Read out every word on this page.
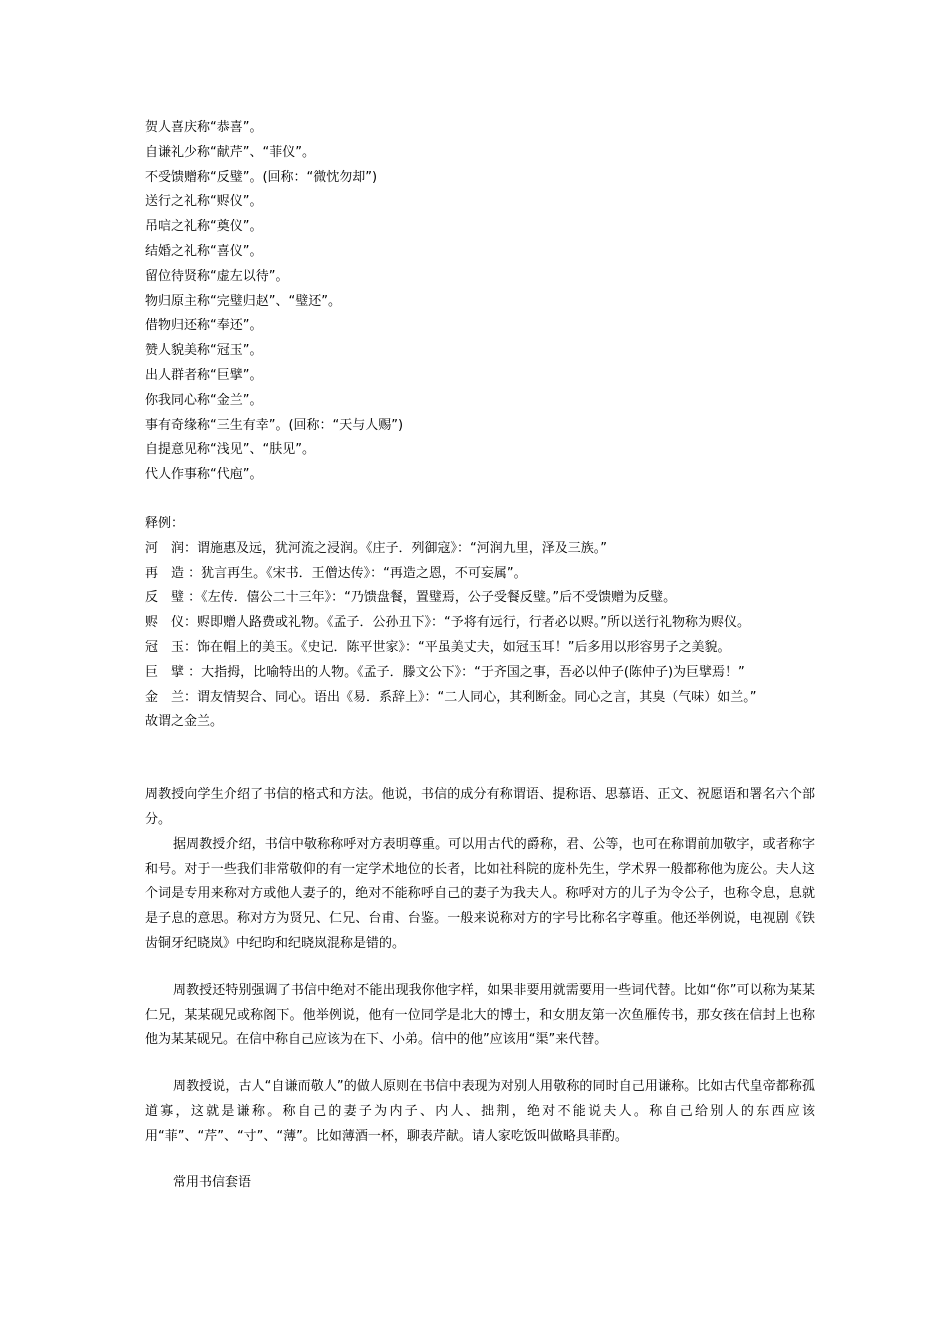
贺人喜庆称“恭喜”。
自谦礼少称“献芹”、“菲仪”。
不受馈赠称“反璧”。(回称：“微忱勿却”)
送行之礼称“赆仪”。
吊唁之礼称“奠仪”。
结婚之礼称“喜仪”。
留位待贤称“虚左以待”。
物归原主称“完璧归赵”、“璧还”。
借物归还称“奉还”。
赞人貌美称“冠玉”。
出人群者称“巨擘”。
你我同心称“金兰”。
事有奇缘称“三生有幸”。(回称：“天与人赐”)
自提意见称“浅见”、“肤见”。
代人作事称“代庖”。
释例：
河　润：谓施惠及远，犹河流之浸润。《庄子．列御寇》：“河润九里，泽及三族。”
再　造 ：犹言再生。《宋书．王僧达传》：“再造之恩，不可妄属”。
反　璧 ：《左传．僖公二十三年》：“乃馈盘餐，置璧焉，公子受餐反璧。”后不受馈赠为反璧。
赆　仪：赆即赠人路费或礼物。《孟子．公孙丑下》：“予将有远行，行者必以赆。”所以送行礼物称为赆仪。
冠　玉：饰在帽上的美玉。《史记．陈平世家》：“平虽美丈夫，如冠玉耳！”后多用以形容男子之美貌。
巨　擘 ：大指拇，比喻特出的人物。《孟子．滕文公下》：“于齐国之事，吾必以仲子(陈仲子)为巨擘焉！”
金　兰：谓友情契合、同心。语出《易．系辞上》：“二人同心，其利断金。同心之言，其臭（气味）如兰。”
故谓之金兰。
周教授向学生介绍了书信的格式和方法。他说，书信的成分有称谓语、提称语、思慕语、正文、祝愿语和署名六个部分。
据周教授介绍，书信中敬称称呼对方表明尊重。可以用古代的爵称，君、公等，也可在称谓前加敬字，或者称字和号。对于一些我们非常敬仰的有一定学术地位的长者，比如社科院的庞朴先生，学术界一般都称他为庞公。夫人这个词是专用来称对方或他人妻子的，绝对不能称呼自己的妻子为我夫人。称呼对方的儿子为令公子，也称令息，息就是子息的意思。称对方为贤兄、仁兄、台甫、台鉴。一般来说称对方的字号比称名字尊重。他还举例说，电视剧《铁齿铜牙纪晓岚》中纪昀和纪晓岚混称是错的。
周教授还特别强调了书信中绝对不能出现我你他字样，如果非要用就需要用一些词代替。比如“你”可以称为某某仁兄，某某砚兄或称阁下。他举例说，他有一位同学是北大的博士，和女朋友第一次鱼雁传书，那女孩在信封上也称他为某某砚兄。在信中称自己应该为在下、小弟。信中的他”应该用“渠”来代替。
周教授说，古人“自谦而敬人”的做人原则在书信中表现为对别人用敬称的同时自己用谦称。比如古代皇帝都称孤道寡，这就是谦称。称自己的妻子为内子、内人、拙荆，绝对不能说夫人。称自己给别人的东西应该用“菲”、“芹”、“寸”、“薄”。比如薄酒一杯，聊表芹献。请人家吃饭叫做略具菲酌。
常用书信套语
